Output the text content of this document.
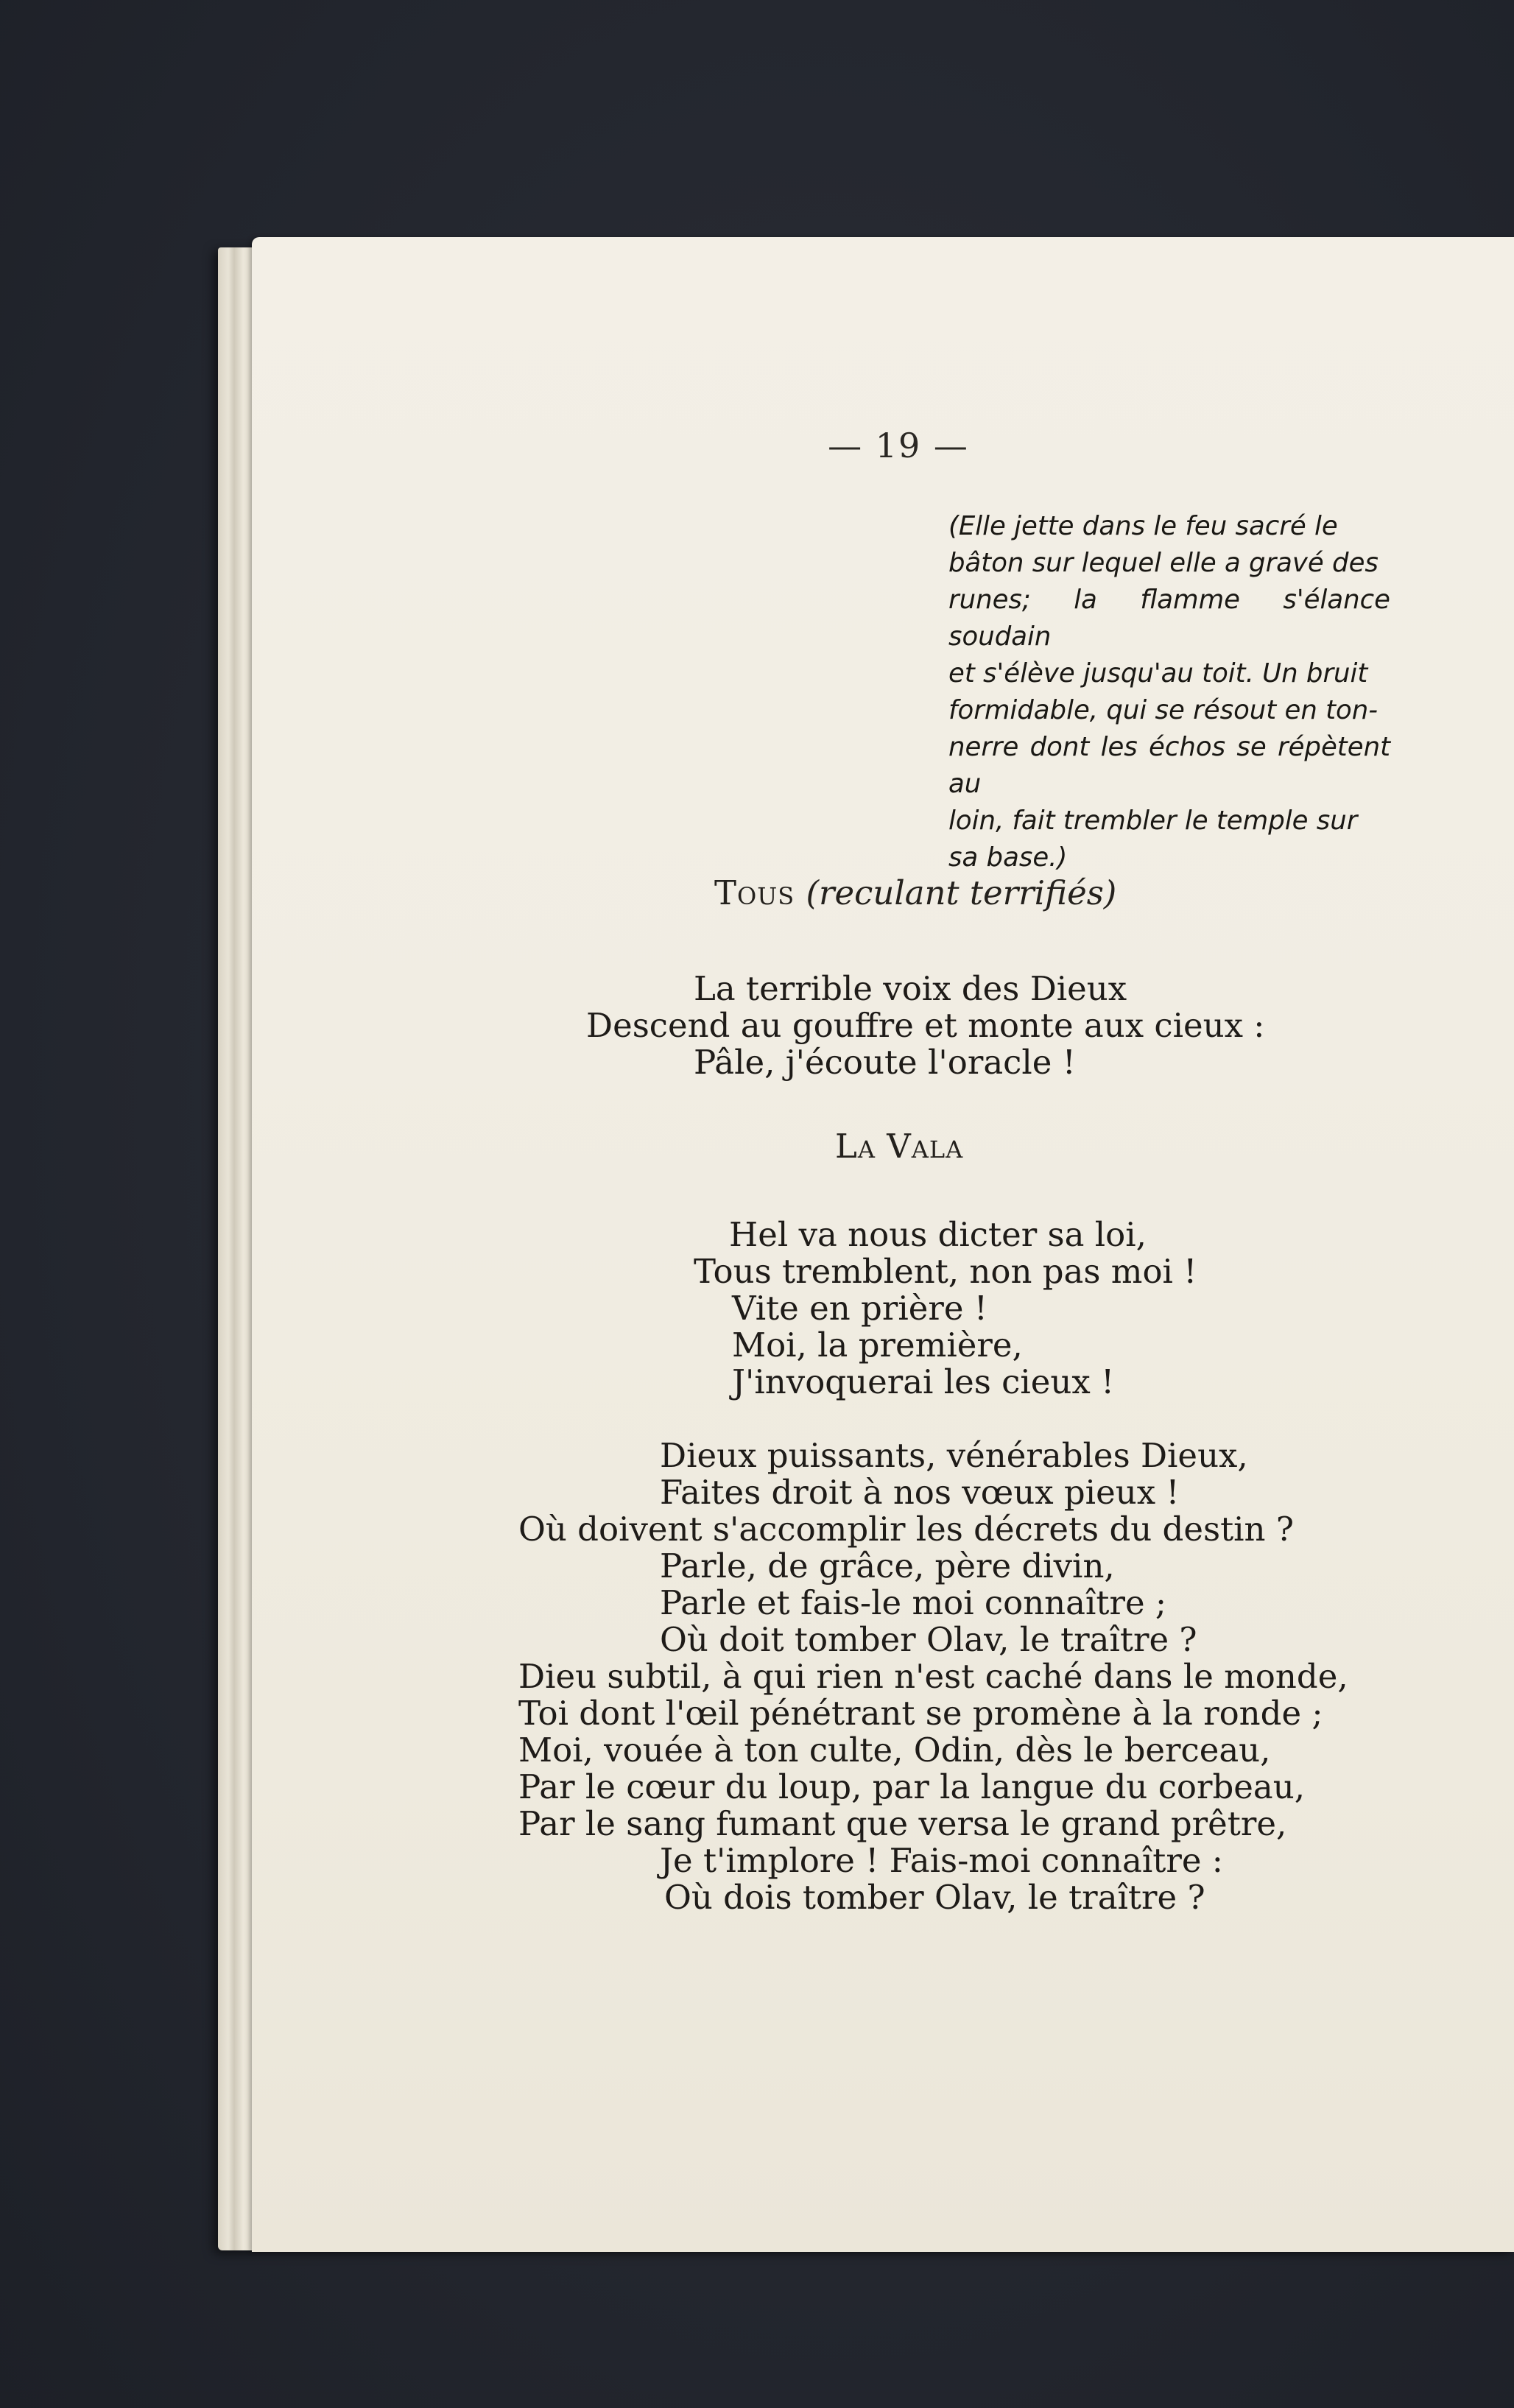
— 19 —

(Elle jette dans le feu sacré le
bâton sur lequel elle a gravé des
runes; la flamme s'élance soudain
et s'élève jusqu'au toit. Un bruit
formidable, qui se résout en ton-
nerre dont les échos se répètent au
loin, fait trembler le temple sur
sa base.)

Tous (reculant terrifiés)
La terrible voix des Dieux
Descend au gouffre et monte aux cieux :
Pâle, j'écoute l'oracle !
La Vala
Hel va nous dicter sa loi,
Tous tremblent, non pas moi !
Vite en prière !
Moi, la première,
J'invoquerai les cieux !
Dieux puissants, vénérables Dieux,
Faites droit à nos vœux pieux !
Où doivent s'accomplir les décrets du destin ?
Parle, de grâce, père divin,
Parle et fais-le moi connaître ;
Où doit tomber Olav, le traître ?
Dieu subtil, à qui rien n'est caché dans le monde,
Toi dont l'œil pénétrant se promène à la ronde ;
Moi, vouée à ton culte, Odin, dès le berceau,
Par le cœur du loup, par la langue du corbeau,
Par le sang fumant que versa le grand prêtre,
Je t'implore ! Fais-moi connaître :
Où dois tomber Olav, le traître ?
